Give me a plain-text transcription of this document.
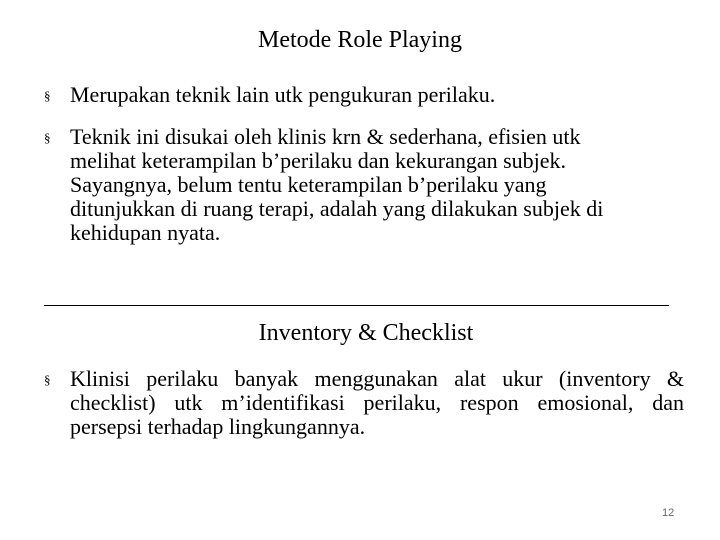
Metode Role Playing
§ Merupakan teknik lain utk pengukuran perilaku.
§ Teknik ini disukai oleh klinis krn & sederhana, efisien utk
melihat keterampilan b’perilaku dan kekurangan subjek.
Sayangnya, belum tentu keterampilan b’perilaku yang
ditunjukkan di ruang terapi, adalah yang dilakukan subjek di
kehidupan nyata.
Inventory & Checklist
§ Klinisi perilaku banyak menggunakan alat ukur (inventory &
checklist) utk m’identifikasi perilaku, respon emosional, dan
persepsi terhadap lingkungannya.
12
